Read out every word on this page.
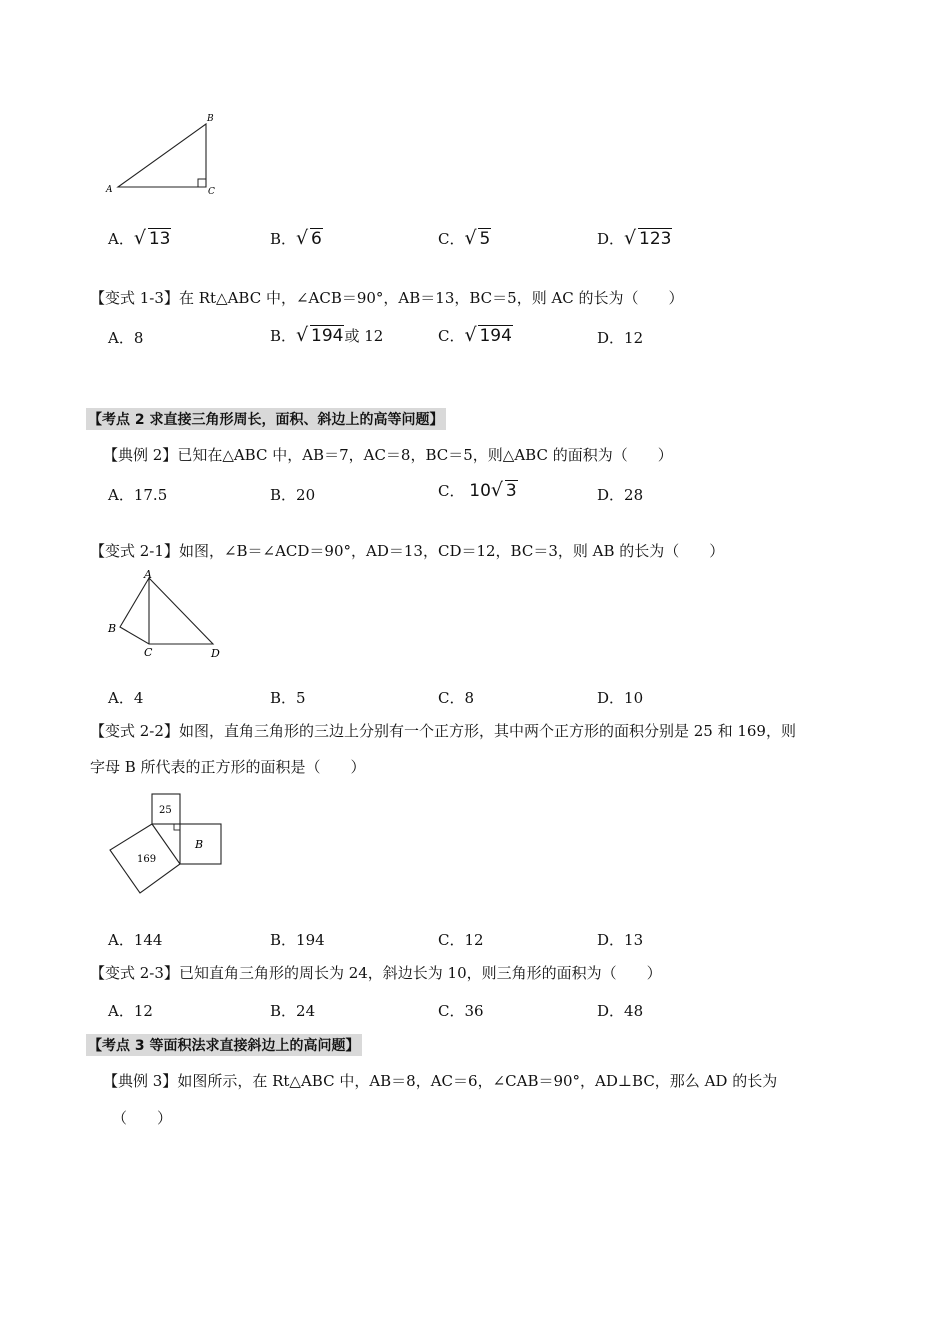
A
B
C
A． √ 13	B． √ 6	C． √ 5	D． √ 123
【变式 1-3】在 Rt△ABC 中，∠ACB＝90°，AB＝13，BC＝5，则 AC 的长为（　　）
A．8	B． √ 194或 12	C． √ 194	D．12
【考点 2 求直接三角形周长，面积、斜边上的高等问题】
【典例 2】已知在△ABC 中，AB＝7，AC＝8，BC＝5，则△ABC 的面积为（　　）
A．17.5	B．20	C． 10 √ 3	D．28
【变式 2-1】如图，∠B＝∠ACD＝90°，AD＝13，CD＝12，BC＝3，则 AB 的长为（　　）
A
B
C	D
A．4	B．5	C．8	D．10
【变式 2-2】如图，直角三角形的三边上分别有一个正方形，其中两个正方形的面积分别是 25 和 169，则
字母 B 所代表的正方形的面积是（　　）
25
169
B
A．144	B．194	C．12	D．13
【变式 2-3】已知直角三角形的周长为 24，斜边长为 10，则三角形的面积为（　　）
A．12	B．24	C．36	D．48
【考点 3 等面积法求直接斜边上的高问题】
【典例 3】如图所示，在 Rt△ABC 中，AB＝8，AC＝6，∠CAB＝90°，AD⊥BC，那么 AD 的长为
（　　）
